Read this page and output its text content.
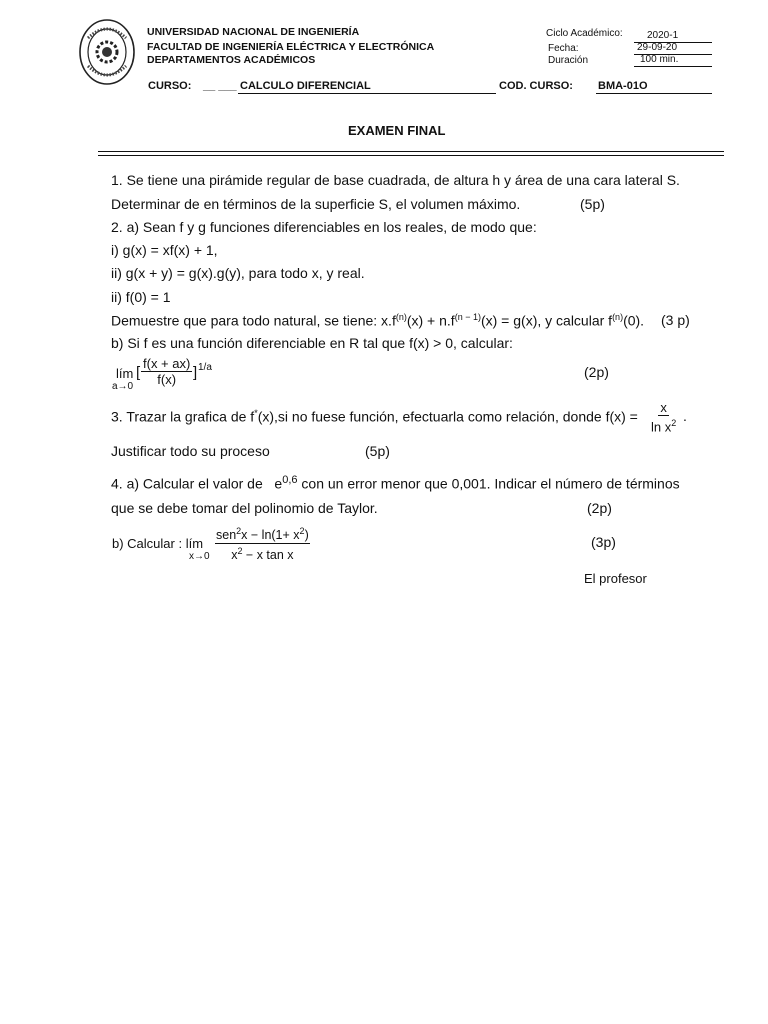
UNIVERSIDAD NACIONAL DE INGENIERÍA
FACULTAD DE INGENIERÍA ELÉCTRICA Y ELECTRÓNICA
DEPARTAMENTOS ACADÉMICOS
Ciclo Académico: 2020-1
Fecha:	29-09-20
Duración	100 min.
CURSO: __ ___ CALCULO DIFERENCIAL	COD. CURSO: BMA-01O
EXAMEN FINAL
1. Se tiene una pirámide regular de base cuadrada, de altura h y área de una cara lateral S.
Determinar de en términos de la superficie S, el volumen máximo.	(5p)
2. a) Sean f y g funciones diferenciables en los reales, de modo que:
i) g(x) = xf(x) + 1,
ii) g(x + y) = g(x).g(y), para todo x, y real.
ii) f(0) = 1
Demuestre que para todo natural, se tiene: $x.f^{(n)}(x) + n.f^{(n - 1)}(x) = g(x)$, y calcular $f^{(n)}(0)$. (3 p)
b) Si f es una función diferenciable en R tal que f(x) > 0, calcular:
lím
a→0
[ $\frac{f(x + ax)}{f(x)}$ ] 1/a	(2p)
3. Trazar la grafica de f*(x),si no fuese función, efectuarla como relación, donde $f(x) = \frac{x}{\ln x^2}$ .
Justificar todo su proceso	(5p)
4. a) Calcular el valor de $e^{0,6}$ con un error menor que 0,001. Indicar el número de términos
que se debe tomar del polinomio de Taylor.	(2p)
b) Calcular : lím
$x\to 0 \frac{sen^2x - \ln(1+ x^2)}{x^2 - x \tan x}$	(3p)
El profesor
